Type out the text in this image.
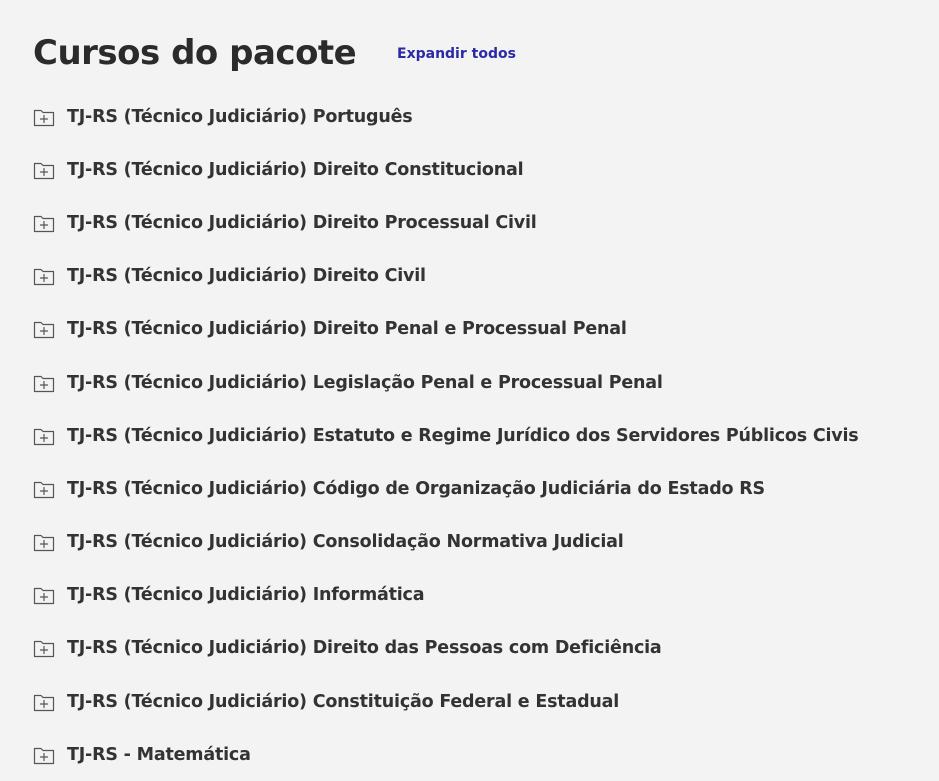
Cursos do pacote	Expandir todos
TJ-RS (Técnico Judiciário) Português
TJ-RS (Técnico Judiciário) Direito Constitucional
TJ-RS (Técnico Judiciário) Direito Processual Civil
TJ-RS (Técnico Judiciário) Direito Civil
TJ-RS (Técnico Judiciário) Direito Penal e Processual Penal
TJ-RS (Técnico Judiciário) Legislação Penal e Processual Penal
TJ-RS (Técnico Judiciário) Estatuto e Regime Jurídico dos Servidores Públicos Civis
TJ-RS (Técnico Judiciário) Código de Organização Judiciária do Estado RS
TJ-RS (Técnico Judiciário) Consolidação Normativa Judicial
TJ-RS (Técnico Judiciário) Informática
TJ-RS (Técnico Judiciário) Direito das Pessoas com Deficiência
TJ-RS (Técnico Judiciário) Constituição Federal e Estadual
TJ-RS - Matemática
